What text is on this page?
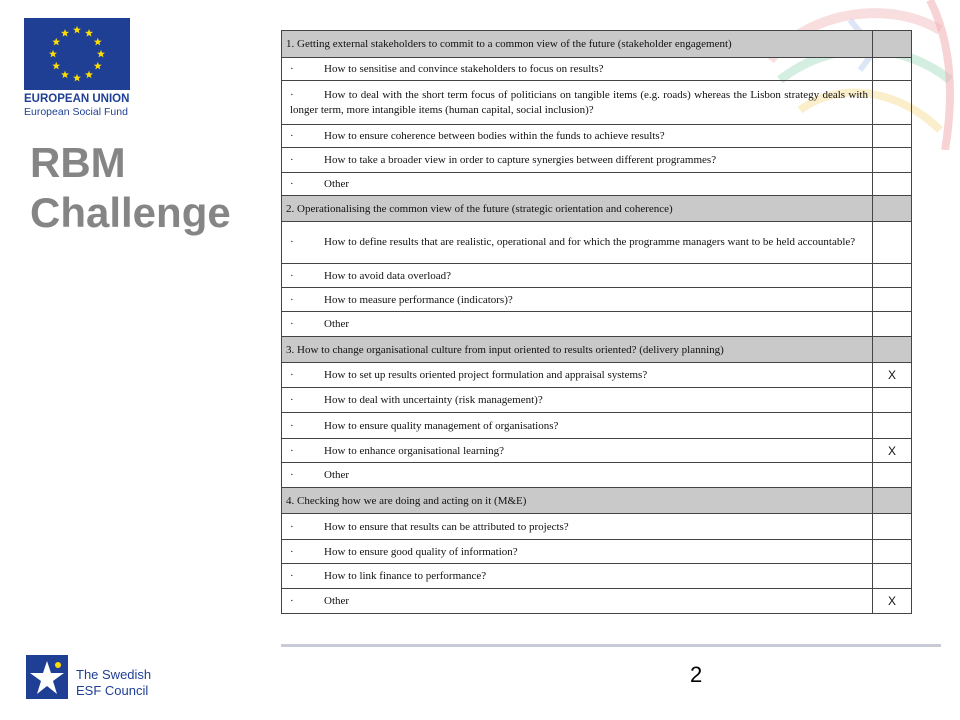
EUROPEAN UNION
European Social Fund
RBM
Challenge
1. Getting external stakeholders to commit to a common view of the future (stakeholder engagement)	
· How to sensitise and convince stakeholders to focus on results?	
· How to deal with the short term focus of politicians on tangible items (e.g. roads) whereas the Lisbon strategy deals with longer term, more intangible items (human capital, social inclusion)?	
· How to ensure coherence between bodies within the funds to achieve results?	
· How to take a broader view in order to capture synergies between different programmes?	
· Other	
2. Operationalising the common view of the future (strategic orientation and coherence)	
· How to define results that are realistic, operational and for which the programme managers want to be held accountable?	
· How to avoid data overload?	
· How to measure performance (indicators)?	
· Other	
3. How to change organisational culture from input oriented to results oriented? (delivery planning)	
· How to set up results oriented project formulation and appraisal systems?	X
· How to deal with uncertainty (risk management)?	
· How to ensure quality management of organisations?	
· How to enhance organisational learning?	X
· Other	
4. Checking how we are doing and acting on it (M&E)	
· How to ensure that results can be attributed to projects?	
· How to ensure good quality of information?	
· How to link finance to performance?	
· Other	X
2
The Swedish
ESF Council
